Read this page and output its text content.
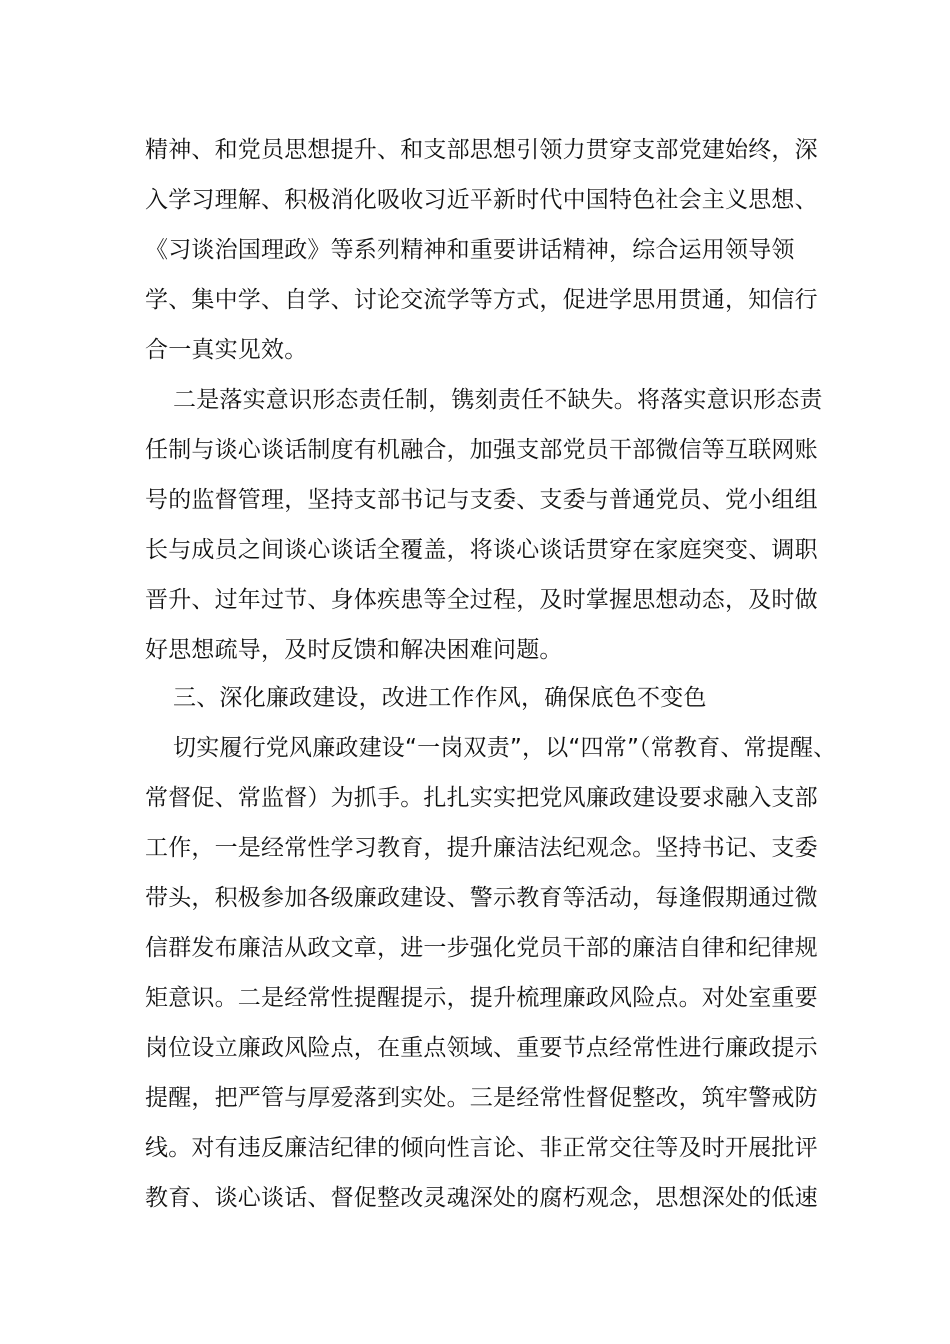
精神、和党员思想提升、和支部思想引领力贯穿支部党建始终，深
入学习理解、积极消化吸收习近平新时代中国特色社会主义思想、
《习谈治国理政》等系列精神和重要讲话精神，综合运用领导领
学、集中学、自学、讨论交流学等方式，促进学思用贯通，知信行
合一真实见效。
二是落实意识形态责任制，镌刻责任不缺失。将落实意识形态责
任制与谈心谈话制度有机融合，加强支部党员干部微信等互联网账
号的监督管理，坚持支部书记与支委、支委与普通党员、党小组组
长与成员之间谈心谈话全覆盖，将谈心谈话贯穿在家庭突变、调职
晋升、过年过节、身体疾患等全过程，及时掌握思想动态，及时做
好思想疏导，及时反馈和解决困难问题。
三、深化廉政建设，改进工作作风，确保底色不变色
切实履行党风廉政建设“一岗双责”，以“四常”（常教育、常提醒、
常督促、常监督）为抓手。扎扎实实把党风廉政建设要求融入支部
工作，一是经常性学习教育，提升廉洁法纪观念。坚持书记、支委
带头，积极参加各级廉政建设、警示教育等活动，每逢假期通过微
信群发布廉洁从政文章，进一步强化党员干部的廉洁自律和纪律规
矩意识。二是经常性提醒提示，提升梳理廉政风险点。对处室重要
岗位设立廉政风险点，在重点领域、重要节点经常性进行廉政提示
提醒，把严管与厚爱落到实处。三是经常性督促整改，筑牢警戒防
线。对有违反廉洁纪律的倾向性言论、非正常交往等及时开展批评
教育、谈心谈话、督促整改灵魂深处的腐朽观念，思想深处的低速
